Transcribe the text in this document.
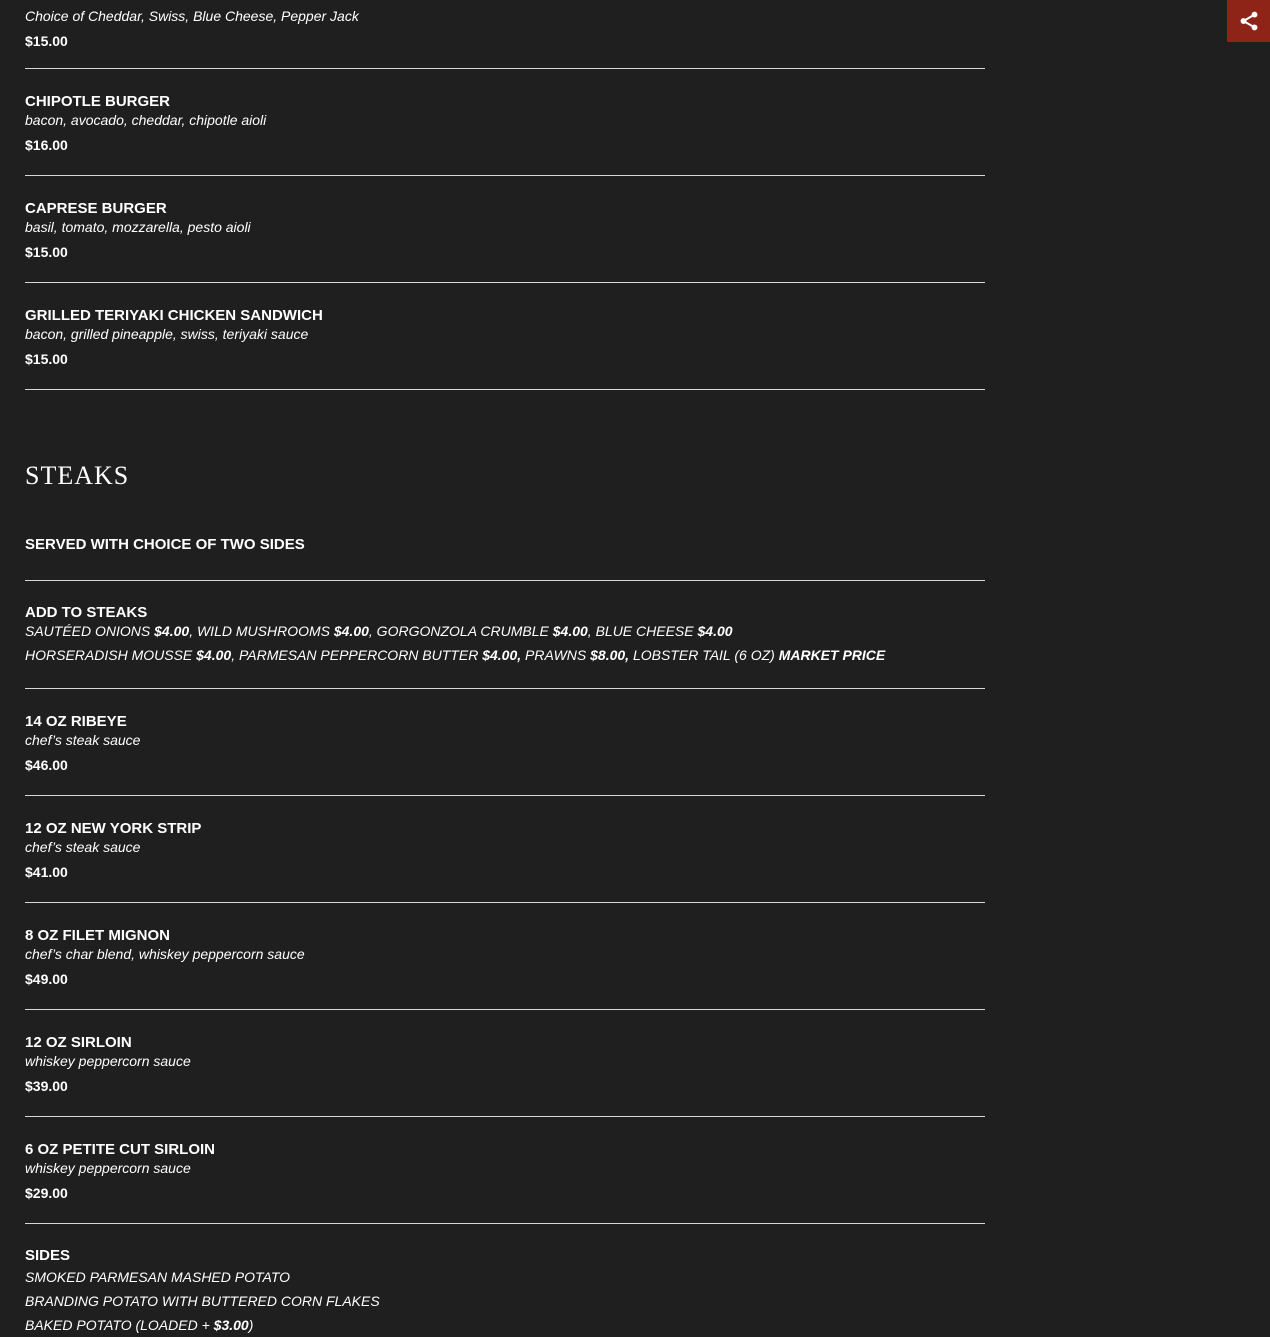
Choice of Cheddar, Swiss, Blue Cheese, Pepper Jack
$15.00
CHIPOTLE BURGER
bacon, avocado, cheddar, chipotle aioli
$16.00
CAPRESE BURGER
basil, tomato, mozzarella, pesto aioli
$15.00
GRILLED TERIYAKI CHICKEN SANDWICH
bacon, grilled pineapple, swiss, teriyaki sauce
$15.00
STEAKS
SERVED WITH CHOICE OF TWO SIDES
ADD TO STEAKS
SAUTÉED ONIONS $4.00, WILD MUSHROOMS $4.00, GORGONZOLA CRUMBLE $4.00, BLUE CHEESE $4.00
HORSERADISH MOUSSE $4.00, PARMESAN PEPPERCORN BUTTER $4.00, PRAWNS $8.00, LOBSTER TAIL (6 OZ) MARKET PRICE
14 OZ RIBEYE
chef’s steak sauce
$46.00
12 OZ NEW YORK STRIP
chef’s steak sauce
$41.00
8 OZ FILET MIGNON
chef’s char blend, whiskey peppercorn sauce
$49.00
12 OZ SIRLOIN
whiskey peppercorn sauce
$39.00
6 OZ PETITE CUT SIRLOIN
whiskey peppercorn sauce
$29.00
SIDES
SMOKED PARMESAN MASHED POTATO
BRANDING POTATO WITH BUTTERED CORN FLAKES
BAKED POTATO (LOADED + $3.00)
